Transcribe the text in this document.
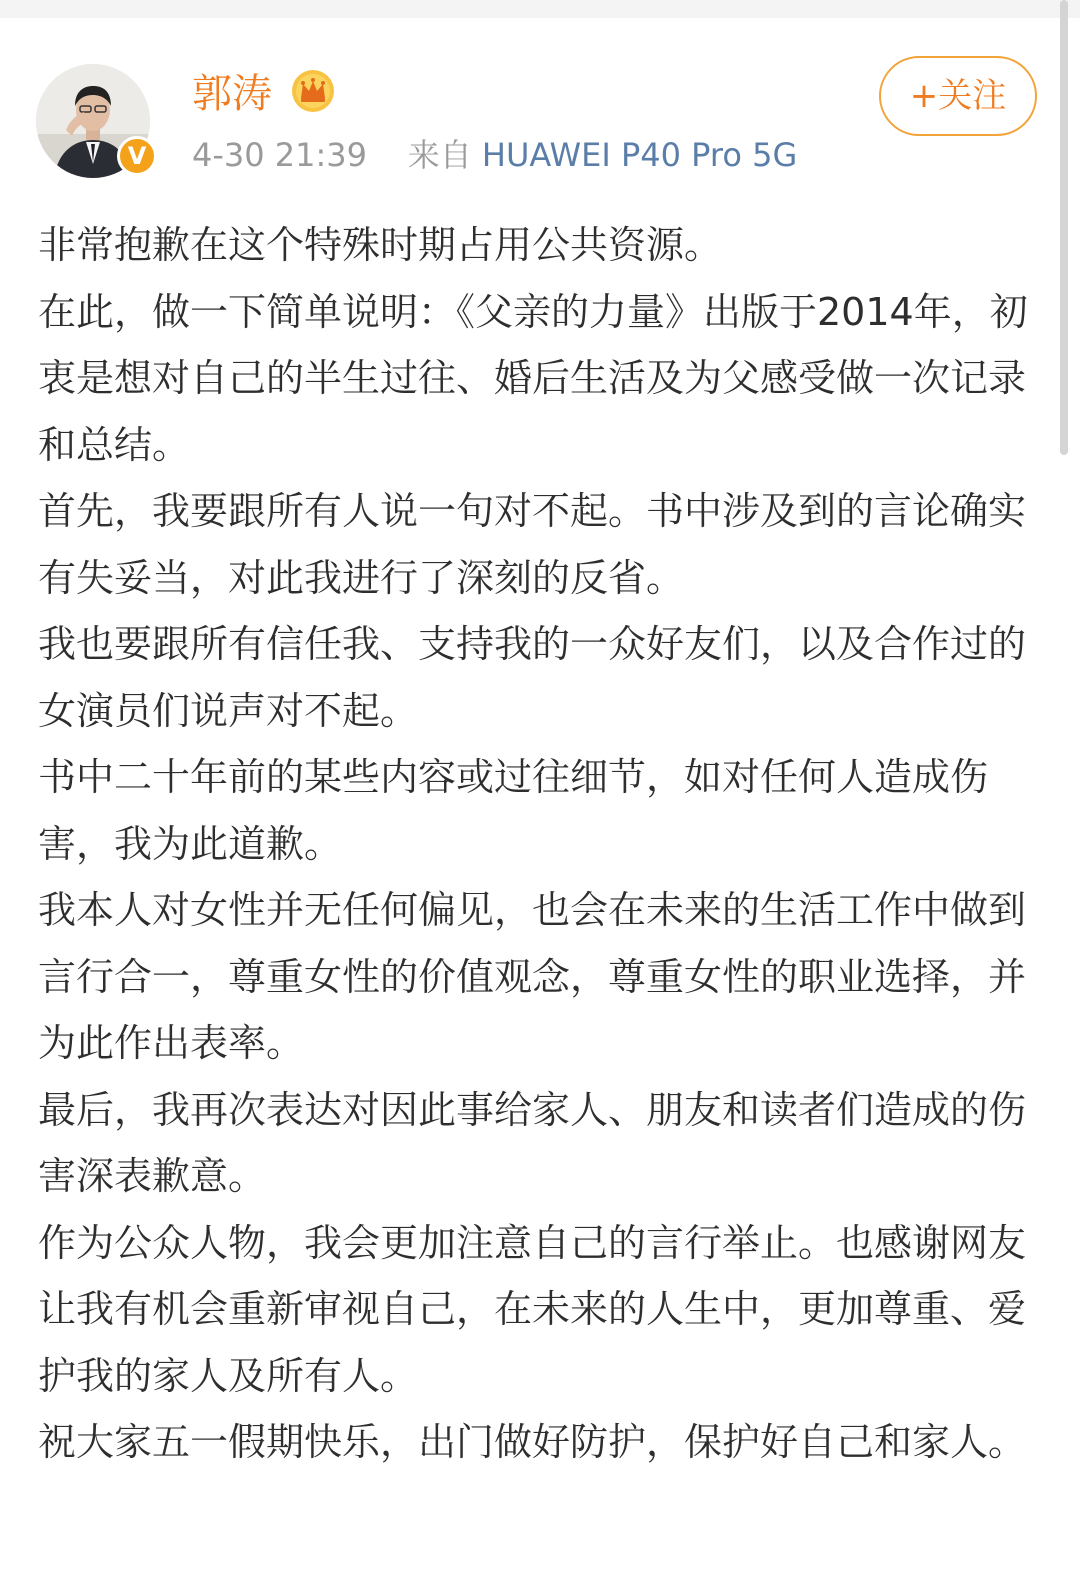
V
郭涛
4-30 21:39 来自 HUAWEI P40 Pro 5G
+关注

非常抱歉在这个特殊时期占用公共资源。

在此，做一下简单说明：《父亲的力量》出版于2014年，初衷是想对自己的半生过往、婚后生活及为父感受做一次记录和总结。

首先，我要跟所有人说一句对不起。书中涉及到的言论确实有失妥当，对此我进行了深刻的反省。

我也要跟所有信任我、支持我的一众好友们，以及合作过的女演员们说声对不起。

书中二十年前的某些内容或过往细节，如对任何人造成伤害，我为此道歉。

我本人对女性并无任何偏见，也会在未来的生活工作中做到言行合一，尊重女性的价值观念，尊重女性的职业选择，并为此作出表率。

最后，我再次表达对因此事给家人、朋友和读者们造成的伤害深表歉意。

作为公众人物，我会更加注意自己的言行举止。也感谢网友让我有机会重新审视自己，在未来的人生中，更加尊重、爱护我的家人及所有人。

祝大家五一假期快乐，出门做好防护，保护好自己和家人。
